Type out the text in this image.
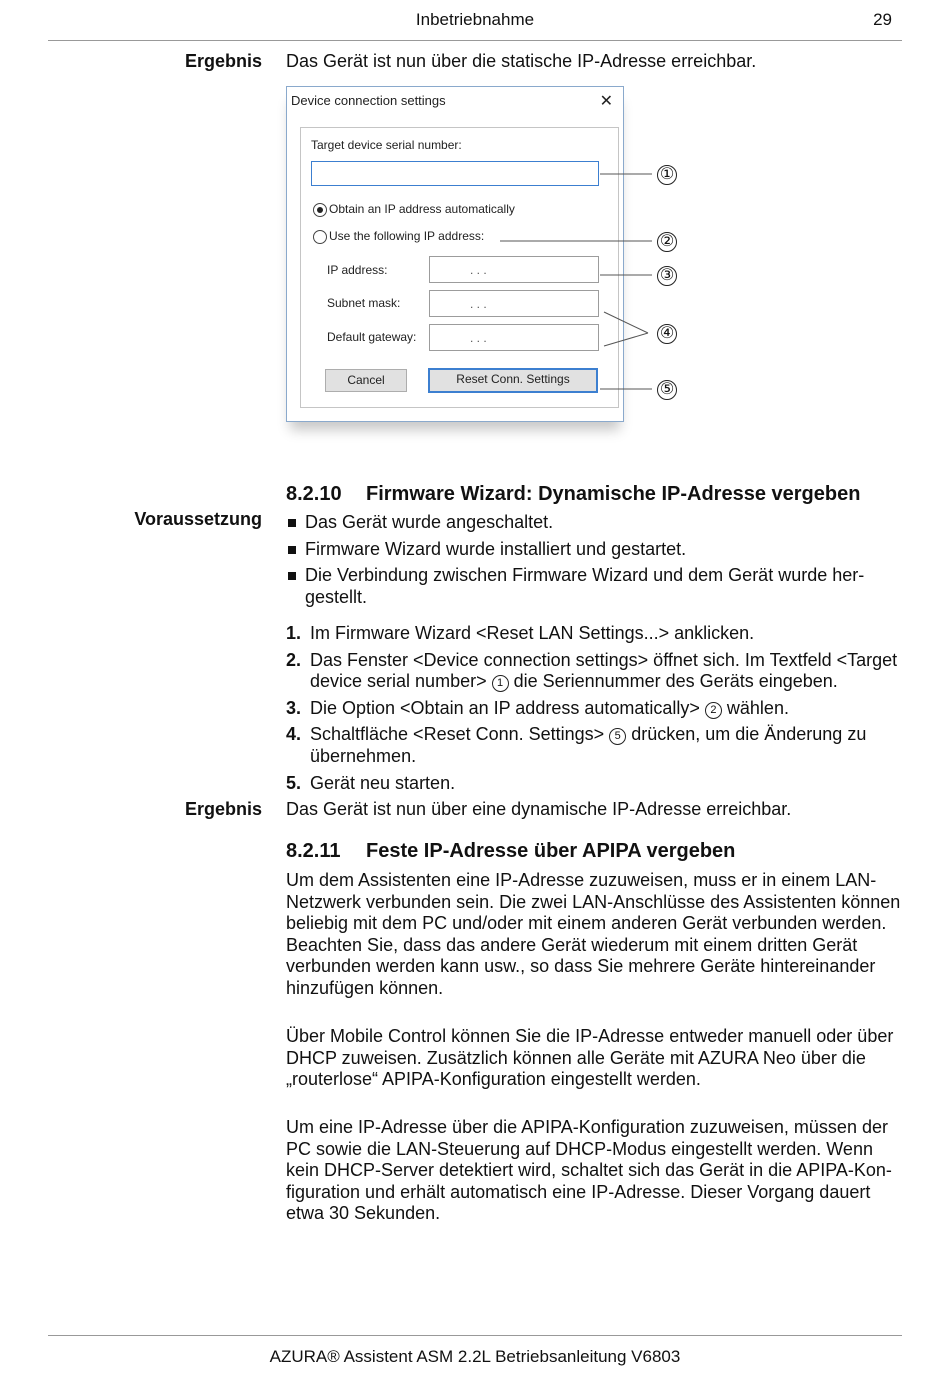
Inbetriebnahme	29
Ergebnis Das Gerät ist nun über die statische IP-Adresse erreichbar.
Device connection settings	✕
Target device serial number:
Obtain an IP address automatically
Use the following IP address:
IP address:	. . .
Subnet mask:	. . .
Default gateway:	. . .
Cancel	Reset Conn. Settings
①
②
③
④
⑤
8.2.10 Firmware Wizard: Dynamische IP-Adresse vergeben
Voraussetzung	Das Gerät wurde angeschaltet.
Firmware Wizard wurde installiert und gestartet.
Die Verbindung zwischen Firmware Wizard und dem Gerät wurde hergestellt.
1. Im Firmware Wizard <Reset LAN Settings...> anklicken.
2. Das Fenster <Device connection settings> öffnet sich. Im Textfeld <Target device serial number> 1 die Seriennummer des Geräts eingeben.
3. Die Option <Obtain an IP address automatically> 2 wählen.
4. Schaltfläche <Reset Conn. Settings> 5 drücken, um die Änderung zu übernehmen.
5. Gerät neu starten.
Ergebnis Das Gerät ist nun über eine dynamische IP-Adresse erreichbar.
8.2.11 Feste IP-Adresse über APIPA vergeben

Um dem Assistenten eine IP-Adresse zuzuweisen, muss er in einem LAN-Netzwerk verbunden sein. Die zwei LAN-Anschlüsse des Assistenten können beliebig mit dem PC und/oder mit einem anderen Gerät verbunden werden. Beachten Sie, dass das andere Gerät wiederum mit einem dritten Gerät verbunden werden kann usw., so dass Sie mehrere Geräte hintereinander hinzufügen können.

Über Mobile Control können Sie die IP-Adresse entweder manuell oder über DHCP zuweisen. Zusätzlich können alle Geräte mit AZURA Neo über die „routerlose“ APIPA-Konfiguration eingestellt werden.

Um eine IP-Adresse über die APIPA-Konfiguration zuzuweisen, müssen der PC sowie die LAN-Steuerung auf DHCP-Modus eingestellt werden. Wenn kein DHCP-Server detektiert wird, schaltet sich das Gerät in die APIPA-Konfiguration und erhält automatisch eine IP-Adresse. Dieser Vorgang dauert etwa 30 Sekunden.

AZURA® Assistent ASM 2.2L Betriebsanleitung V6803
